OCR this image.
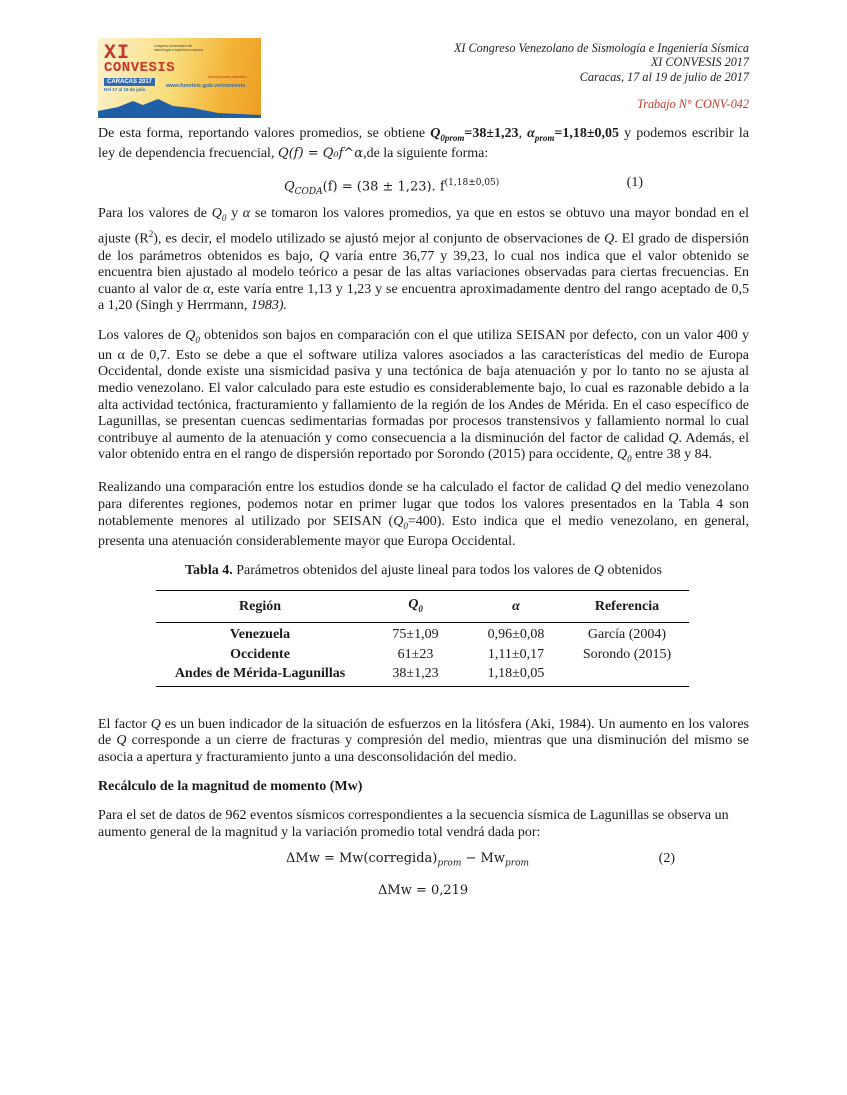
XI
CONVESIS
congreso venezolano de sismología e ingeniería sísmica
inscripciones abiertas
CARACAS 2017
Del 17 al 19 de julio
www.funvisis.gob.ve/convesis
XI Congreso Venezolano de Sismología e Ingeniería Sísmica
XI CONVESIS 2017
Caracas, 17 al 19 de julio de 2017
Trabajo N° CONV-042

De esta forma, reportando valores promedios, se obtiene $Q_{0prom}=38\pm 1,23$, $\alpha_{prom}=1,18\pm 0,05$ y podemos escribir la ley de dependencia frecuencial, Q(f) = Q₀f^α,de la siguiente forma:

$Q_{CODA}(f) = (38 \pm 1,23)$. $f^{(1,18\pm 0,05)}$	(1)

Para los valores de $Q_0$ y α se tomaron los valores promedios, ya que en estos se obtuvo una mayor bondad en el ajuste $(R^2)$, es decir, el modelo utilizado se ajustó mejor al conjunto de observaciones de Q. El grado de dispersión de los parámetros obtenidos es bajo, Q varía entre 36,77 y 39,23, lo cual nos indica que el valor obtenido se encuentra bien ajustado al modelo teórico a pesar de las altas variaciones observadas para ciertas frecuencias. En cuanto al valor de α, este varía entre 1,13 y 1,23 y se encuentra aproximadamente dentro del rango aceptado de 0,5 a 1,20 (Singh y Herrmann, 1983).

Los valores de $Q_0$ obtenidos son bajos en comparación con el que utiliza SEISAN por defecto, con un valor 400 y un α de 0,7. Esto se debe a que el software utiliza valores asociados a las características del medio de Europa Occidental, donde existe una sismicidad pasiva y una tectónica de baja atenuación y por lo tanto no se ajusta al medio venezolano. El valor calculado para este estudio es considerablemente bajo, lo cual es razonable debido a la alta actividad tectónica, fracturamiento y fallamiento de la región de los Andes de Mérida. En el caso específico de Lagunillas, se presentan cuencas sedimentarias formadas por procesos transtensivos y fallamiento normal lo cual contribuye al aumento de la atenuación y como consecuencia a la disminución del factor de calidad Q. Además, el valor obtenido entra en el rango de dispersión reportado por Sorondo (2015) para occidente, $Q_0$ entre 38 y 84.

Realizando una comparación entre los estudios donde se ha calculado el factor de calidad Q del medio venezolano para diferentes regiones, podemos notar en primer lugar que todos los valores presentados en la Tabla 4 son notablemente menores al utilizado por SEISAN $(Q_0=400)$. Esto indica que el medio venezolano, en general, presenta una atenuación considerablemente mayor que Europa Occidental.

Tabla 4. Parámetros obtenidos del ajuste lineal para todos los valores de Q obtenidos
Región	$Q_0$	α	Referencia
Venezuela	75±1,09	0,96±0,08	García (2004)
Occidente	61±23	1,11±0,17	Sorondo (2015)
Andes de Mérida-Lagunillas	38±1,23	1,18±0,05	

El factor Q es un buen indicador de la situación de esfuerzos en la litósfera (Aki, 1984). Un aumento en los valores de Q corresponde a un cierre de fracturas y compresión del medio, mientras que una disminución del mismo se asocia a apertura y fracturamiento junto a una desconsolidación del medio.

Recálculo de la magnitud de momento (Mw)

Para el set de datos de 962 eventos sísmicos correspondientes a la secuencia sísmica de Lagunillas se observa un aumento general de la magnitud y la variación promedio total vendrá dada por:

$\Delta Mw = Mw(corregida)_{prom} - Mw_{prom}$	(2)
ΔMw = 0,219
